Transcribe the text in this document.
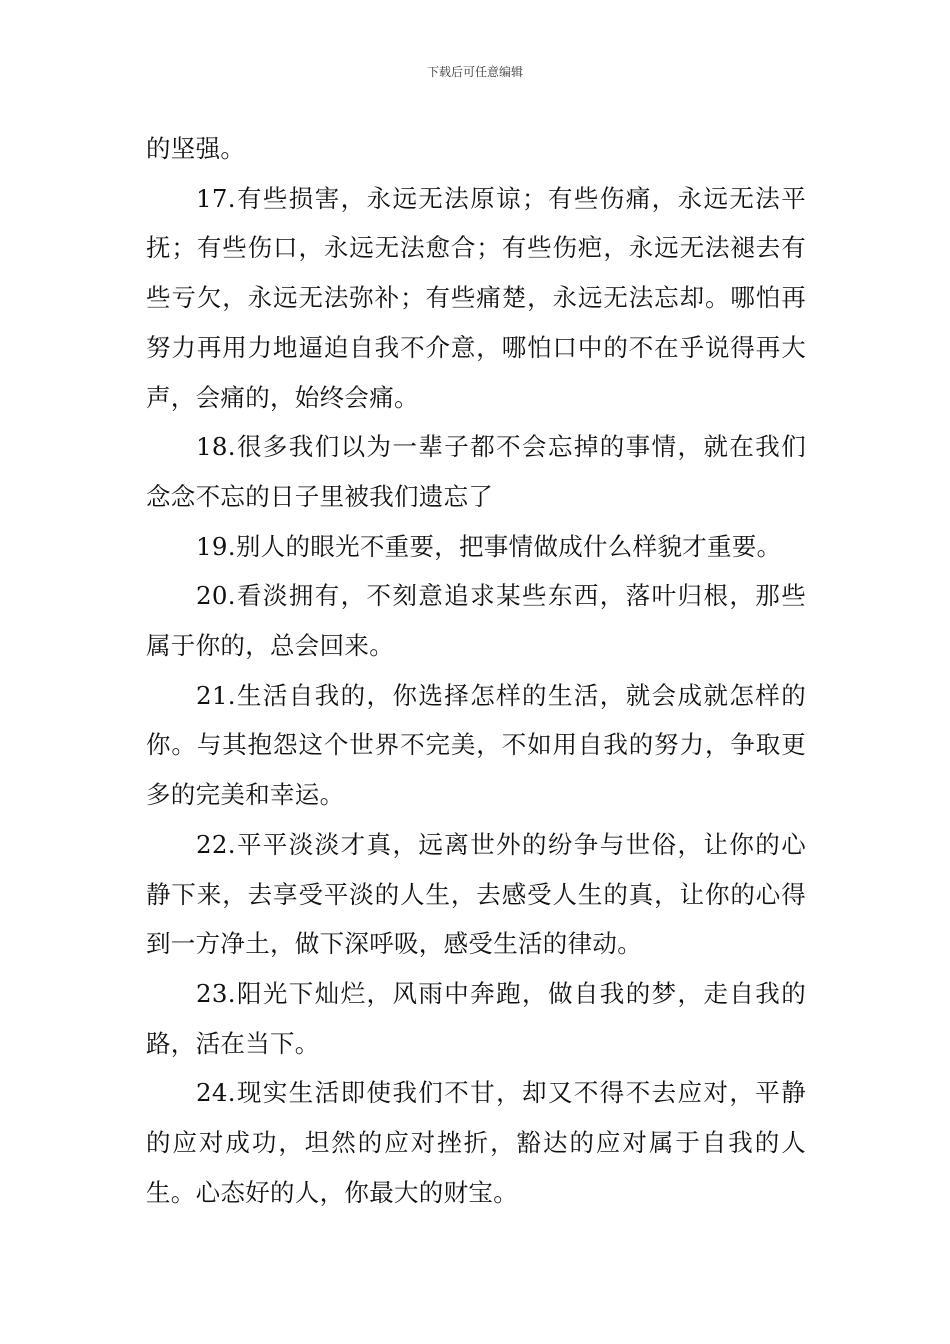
下载后可任意编辑

的坚强。

17.有些损害，永远无法原谅；有些伤痛，永远无法平抚；有些伤口，永远无法愈合；有些伤疤，永远无法褪去有些亏欠，永远无法弥补；有些痛楚，永远无法忘却。哪怕再努力再用力地逼迫自我不介意，哪怕口中的不在乎说得再大声，会痛的，始终会痛。

18.很多我们以为一辈子都不会忘掉的事情，就在我们念念不忘的日子里被我们遗忘了

19.别人的眼光不重要，把事情做成什么样貌才重要。

20.看淡拥有，不刻意追求某些东西，落叶归根，那些属于你的，总会回来。

21.生活自我的，你选择怎样的生活，就会成就怎样的你。与其抱怨这个世界不完美，不如用自我的努力，争取更多的完美和幸运。

22.平平淡淡才真，远离世外的纷争与世俗，让你的心静下来，去享受平淡的人生，去感受人生的真，让你的心得到一方净土，做下深呼吸，感受生活的律动。

23.阳光下灿烂，风雨中奔跑，做自我的梦，走自我的路，活在当下。

24.现实生活即使我们不甘，却又不得不去应对，平静的应对成功，坦然的应对挫折，豁达的应对属于自我的人生。心态好的人，你最大的财宝。
